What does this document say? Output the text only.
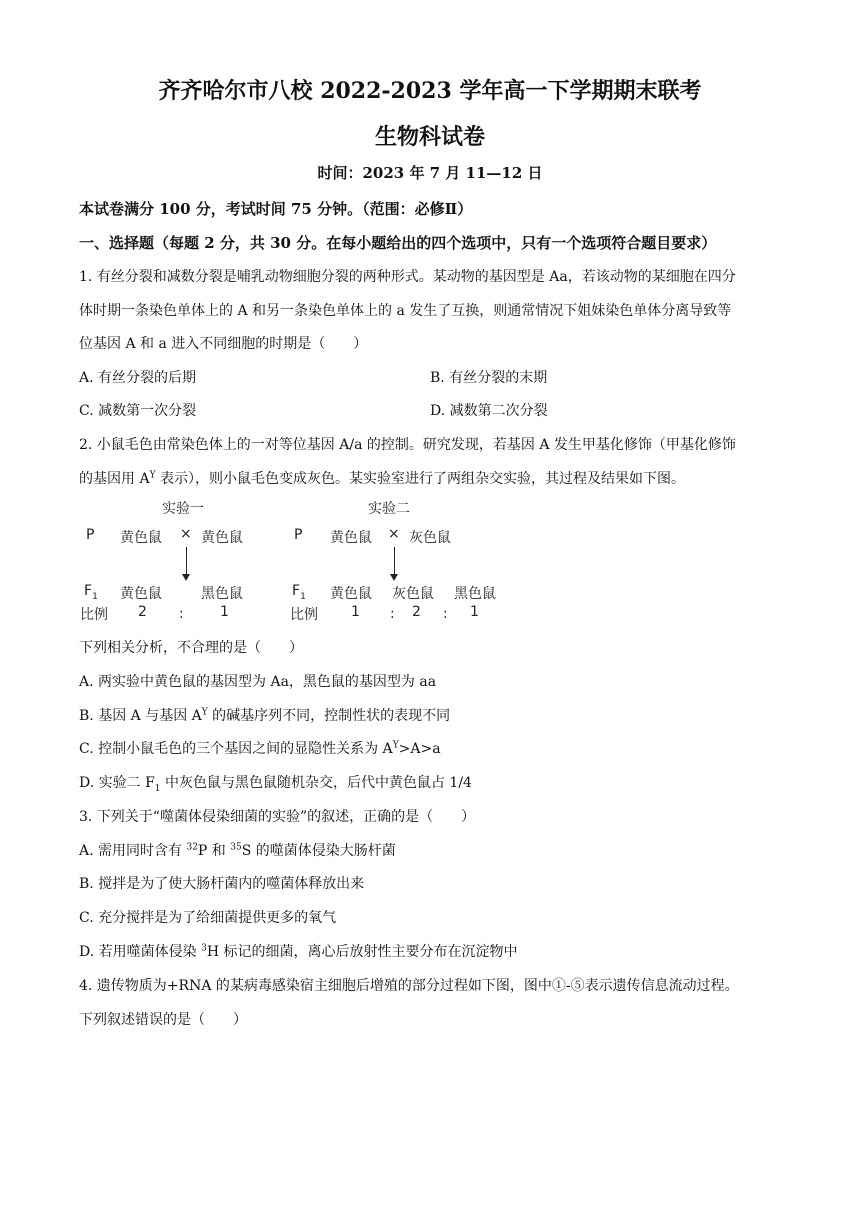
齐齐哈尔市八校 2022-2023 学年高一下学期期末联考
生物科试卷
时间：2023 年 7 月 11—12 日
本试卷满分 100 分，考试时间 75 分钟。（范围：必修Ⅱ）
一、选择题（每题 2 分，共 30 分。在每小题给出的四个选项中，只有一个选项符合题目要求）
1. 有丝分裂和减数分裂是哺乳动物细胞分裂的两种形式。某动物的基因型是 Aa，若该动物的某细胞在四分
体时期一条染色单体上的 A 和另一条染色单体上的 a 发生了互换，则通常情况下姐妹染色单体分离导致等
位基因 A 和 a 进入不同细胞的时期是（　　）
A. 有丝分裂的后期	B. 有丝分裂的末期
C. 减数第一次分裂	D. 减数第二次分裂
2. 小鼠毛色由常染色体上的一对等位基因 A/a 的控制。研究发现，若基因 A 发生甲基化修饰（甲基化修饰
的基因用 $A^Y$ 表示），则小鼠毛色变成灰色。某实验室进行了两组杂交实验，其过程及结果如下图。
实验一
P 黄色鼠 × 黄色鼠
$F_1$ 黄色鼠	黑色鼠
比例 2 :	1
实验二
P 黄色鼠 × 灰色鼠
$F_1$ 黄色鼠 灰色鼠 黑色鼠
比例 1 : 2 : 1
下列相关分析，不合理的是（　　）
A. 两实验中黄色鼠的基因型为 Aa，黑色鼠的基因型为 aa
B. 基因 A 与基因 $A^Y$ 的碱基序列不同，控制性状的表现不同
C. 控制小鼠毛色的三个基因之间的显隐性关系为 $A^Y>A>a$
D. 实验二 $F_1$ 中灰色鼠与黑色鼠随机杂交，后代中黄色鼠占 1/4
3. 下列关于“噬菌体侵染细菌的实验”的叙述，正确的是（　　）
A. 需用同时含有 $^{32}$P 和 $^{35}$S 的噬菌体侵染大肠杆菌
B. 搅拌是为了使大肠杆菌内的噬菌体释放出来
C. 充分搅拌是为了给细菌提供更多的氧气
D. 若用噬菌体侵染 $^3$H 标记的细菌，离心后放射性主要分布在沉淀物中
4. 遗传物质为+RNA 的某病毒感染宿主细胞后增殖的部分过程如下图，图中①-⑤表示遗传信息流动过程。
下列叙述错误的是（　　）
